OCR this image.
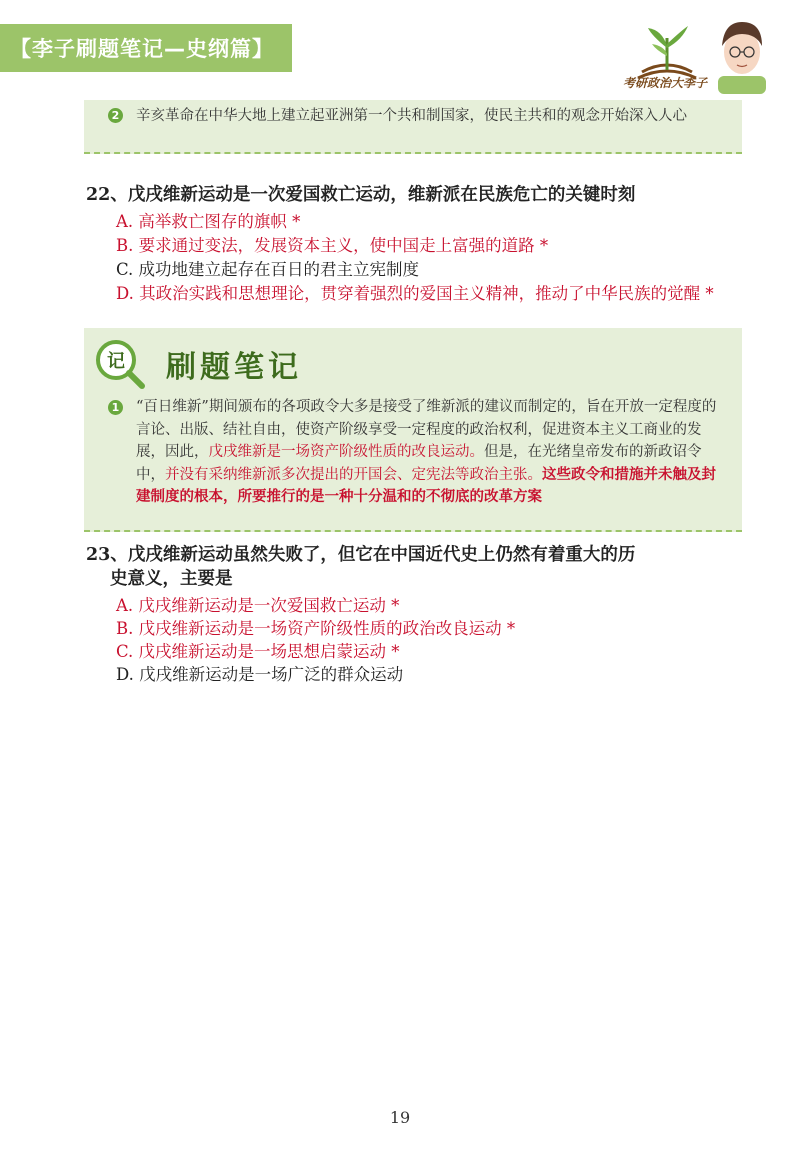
【李子刷题笔记—史纲篇】
考研政治大李子
2 辛亥革命在中华大地上建立起亚洲第一个共和制国家，使民主共和的观念开始深入人心
22、戊戌维新运动是一次爱国救亡运动，维新派在民族危亡的关键时刻
A. 高举救亡图存的旗帜 *
B. 要求通过变法，发展资本主义，使中国走上富强的道路 *
C. 成功地建立起存在百日的君主立宪制度
D. 其政治实践和思想理论，贯穿着强烈的爱国主义精神，推动了中华民族的觉醒 *
记 刷题笔记
1 “百日维新”期间颁布的各项政令大多是接受了维新派的建议而制定的，旨在开放一定程度的言论、出版、结社自由，使资产阶级享受一定程度的政治权利，促进资本主义工商业的发展，因此，戊戌维新是一场资产阶级性质的改良运动。但是，在光绪皇帝发布的新政诏令中，并没有采纳维新派多次提出的开国会、定宪法等政治主张。这些政令和措施并未触及封建制度的根本，所要推行的是一种十分温和的不彻底的改革方案
23、戊戌维新运动虽然失败了，但它在中国近代史上仍然有着重大的历
史意义，主要是
A. 戊戌维新运动是一次爱国救亡运动 *
B. 戊戌维新运动是一场资产阶级性质的政治改良运动 *
C. 戊戌维新运动是一场思想启蒙运动 *
D. 戊戌维新运动是一场广泛的群众运动
19
